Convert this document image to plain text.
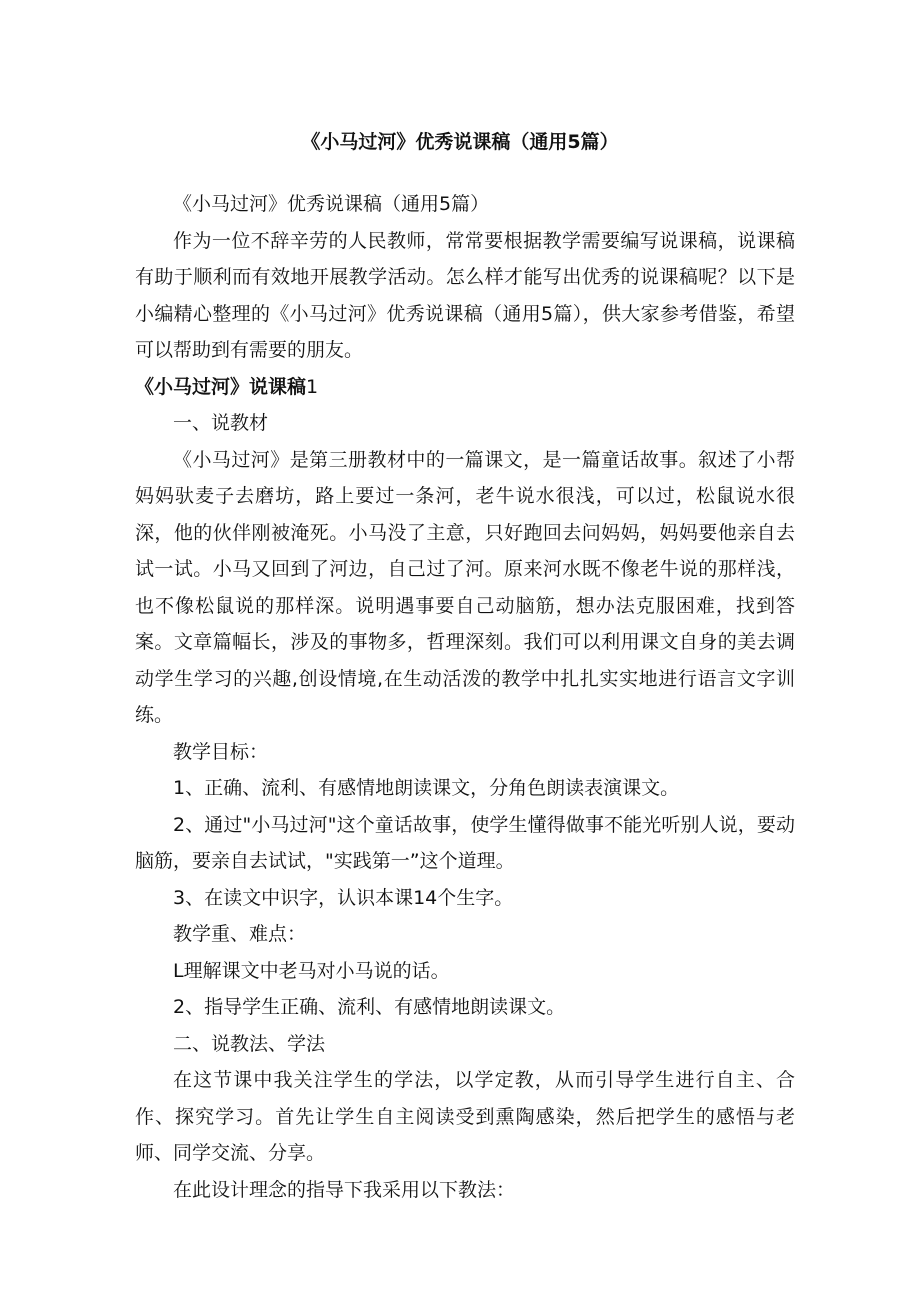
《小马过河》优秀说课稿（通用5篇）

《小马过河》优秀说课稿（通用5篇）

作为一位不辞辛劳的人民教师，常常要根据教学需要编写说课稿，说课稿有助于顺利而有效地开展教学活动。怎么样才能写出优秀的说课稿呢？以下是小编精心整理的《小马过河》优秀说课稿（通用5篇），供大家参考借鉴，希望可以帮助到有需要的朋友。

《小马过河》说课稿1

一、说教材

《小马过河》是第三册教材中的一篇课文，是一篇童话故事。叙述了小帮妈妈驮麦子去磨坊，路上要过一条河，老牛说水很浅，可以过，松鼠说水很深，他的伙伴刚被淹死。小马没了主意，只好跑回去问妈妈，妈妈要他亲自去试一试。小马又回到了河边，自己过了河。原来河水既不像老牛说的那样浅，也不像松鼠说的那样深。说明遇事要自己动脑筋，想办法克服困难，找到答案。文章篇幅长，涉及的事物多，哲理深刻。我们可以利用课文自身的美去调动学生学习的兴趣,创设情境,在生动活泼的教学中扎扎实实地进行语言文字训练。

教学目标：

1、正确、流利、有感情地朗读课文，分角色朗读表演课文。

2、通过"小马过河"这个童话故事，使学生懂得做事不能光听别人说，要动脑筋，要亲自去试试，"实践第一”这个道理。

3、在读文中识字，认识本课14个生字。

教学重、难点：

L理解课文中老马对小马说的话。

2、指导学生正确、流利、有感情地朗读课文。

二、说教法、学法

在这节课中我关注学生的学法，以学定教，从而引导学生进行自主、合作、探究学习。首先让学生自主阅读受到熏陶感染，然后把学生的感悟与老师、同学交流、分享。

在此设计理念的指导下我采用以下教法：
